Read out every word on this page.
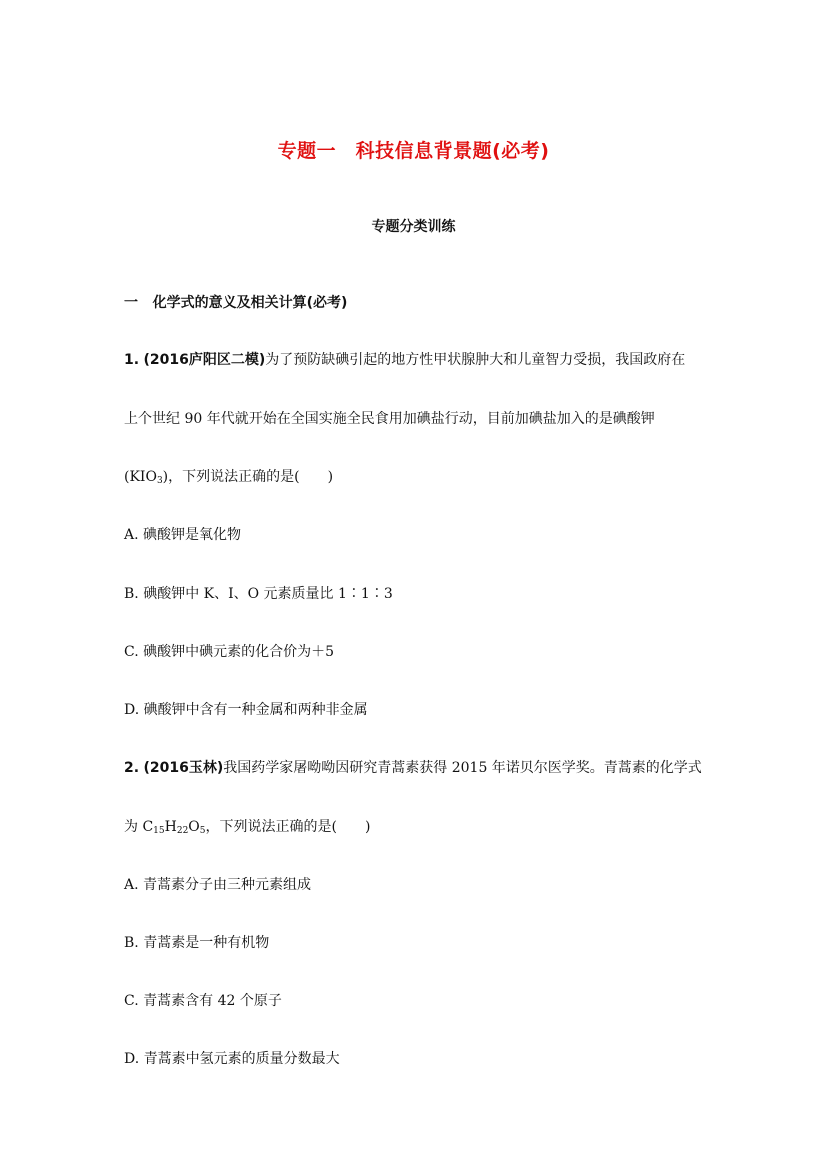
专题一　科技信息背景题(必考)
专题分类训练
一 化学式的意义及相关计算(必考)
1. (2016庐阳区二模)为了预防缺碘引起的地方性甲状腺肿大和儿童智力受损，我国政府在
上个世纪 90 年代就开始在全国实施全民食用加碘盐行动，目前加碘盐加入的是碘酸钾
$(KIO_3)$，下列说法正确的是(　　)
A. 碘酸钾是氧化物
B. 碘酸钾中 K、I、O 元素质量比 1∶1∶3
C. 碘酸钾中碘元素的化合价为＋5
D. 碘酸钾中含有一种金属和两种非金属
2. (2016玉林)我国药学家屠呦呦因研究青蒿素获得 2015 年诺贝尔医学奖。青蒿素的化学式
为 $C_{15}H_{22}O_5$，下列说法正确的是(　　)
A. 青蒿素分子由三种元素组成
B. 青蒿素是一种有机物
C. 青蒿素含有 42 个原子
D. 青蒿素中氢元素的质量分数最大
